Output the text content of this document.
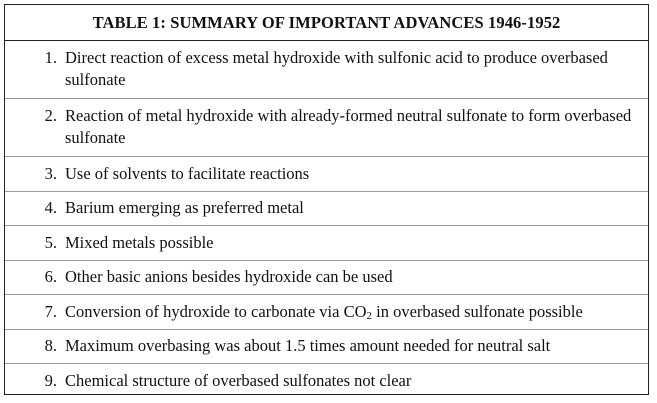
TABLE 1: SUMMARY OF IMPORTANT ADVANCES 1946-1952
1. Direct reaction of excess metal hydroxide with sulfonic acid to produce overbased sulfonate
2. Reaction of metal hydroxide with already-formed neutral sulfonate to form overbased sulfonate
3. Use of solvents to facilitate reactions
4. Barium emerging as preferred metal
5. Mixed metals possible
6. Other basic anions besides hydroxide can be used
7. Conversion of hydroxide to carbonate via $CO_2$ in overbased sulfonate possible
8. Maximum overbasing was about 1.5 times amount needed for neutral salt
9. Chemical structure of overbased sulfonates not clear
